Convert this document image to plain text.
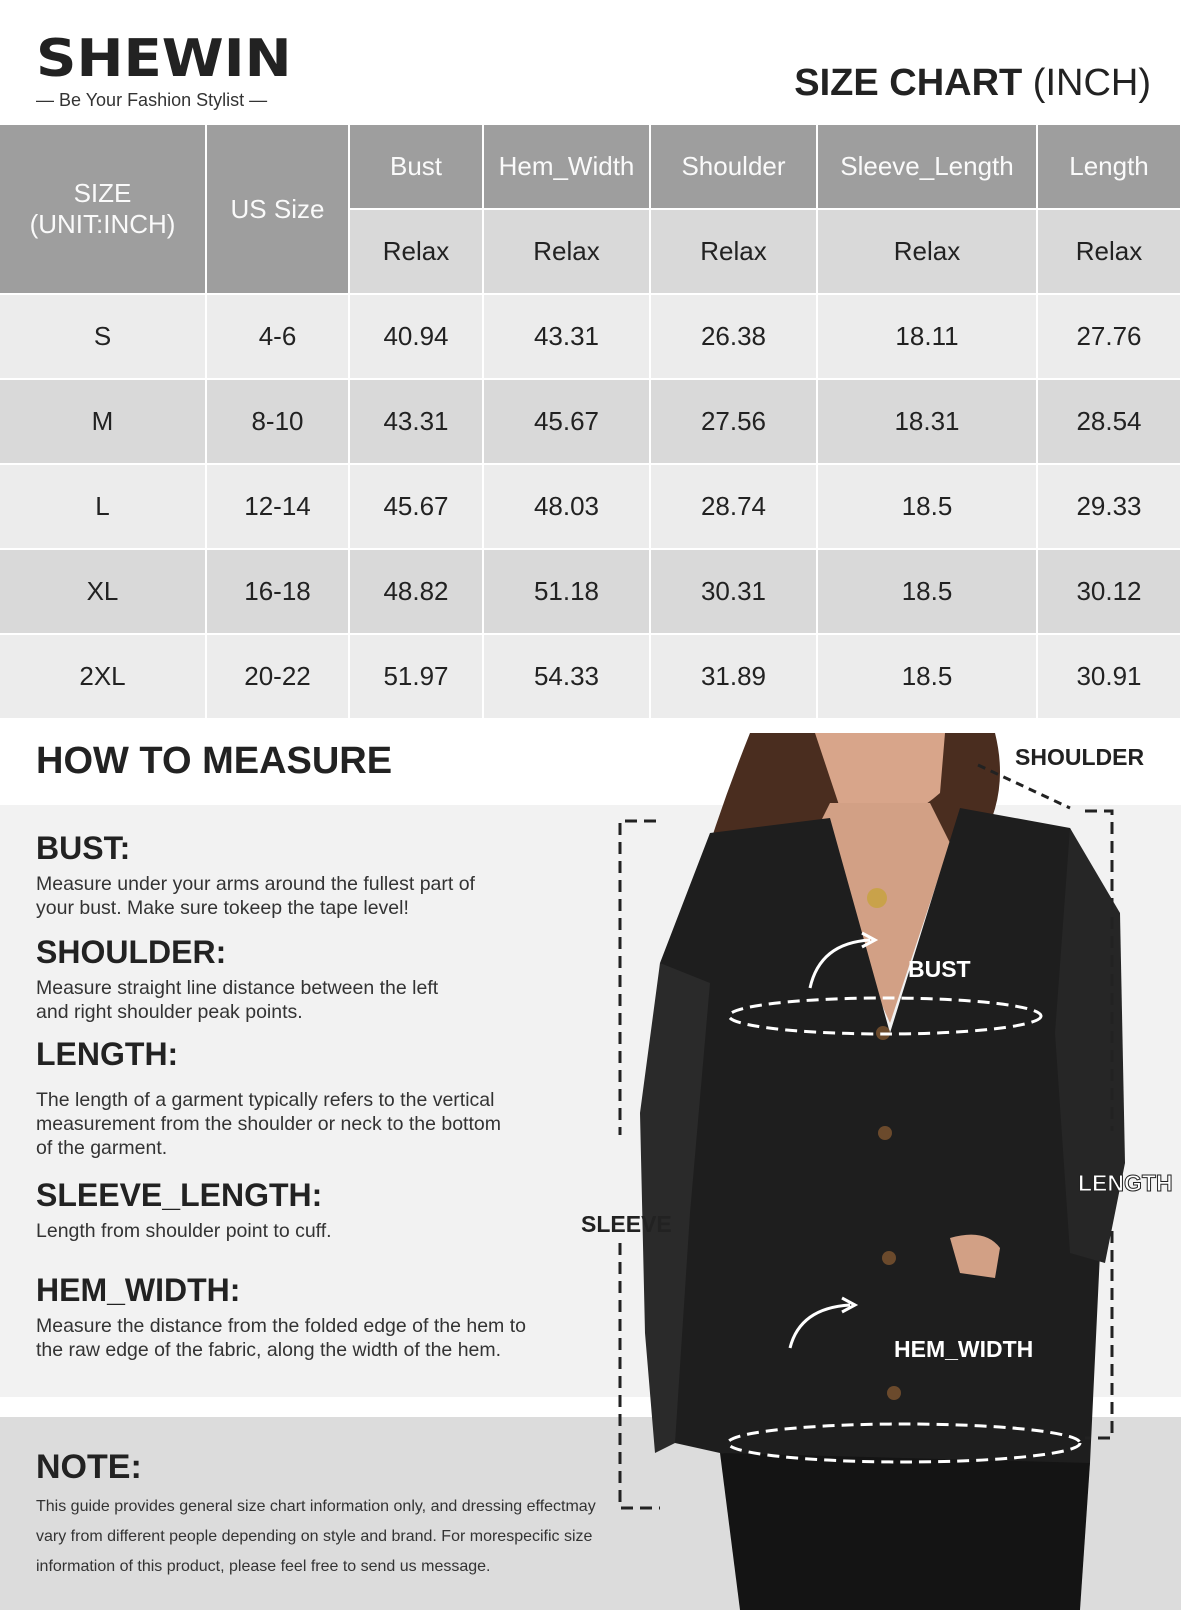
SHEWIN
— Be Your Fashion Stylist —	SIZE CHART (INCH)
SIZE
(UNIT:INCH)	US Size	Bust	Hem_Width	Shoulder	Sleeve_Length	Length
		Relax	Relax	Relax	Relax	Relax
S	4-6	40.94	43.31	26.38	18.11	27.76
M	8-10	43.31	45.67	27.56	18.31	28.54
L	12-14	45.67	48.03	28.74	18.5	29.33
XL	16-18	48.82	51.18	30.31	18.5	30.12
2XL	20-22	51.97	54.33	31.89	18.5	30.91
HOW TO MEASURE
BUST:

Measure under your arms around the fullest part of
your bust. Make sure tokeep the tape level!

SHOULDER:

Measure straight line distance between the left
and right shoulder peak points.

LENGTH:

The length of a garment typically refers to the vertical
measurement from the shoulder or neck to the bottom
of the garment.

SLEEVE_LENGTH:

Length from shoulder point to cuff.

HEM_WIDTH:

Measure the distance from the folded edge of the hem to
the raw edge of the fabric, along the width of the hem.

NOTE:
This guide provides general size chart information only, and dressing effectmay
vary from different people depending on style and brand. For morespecific size
information of this product, please feel free to send us message.
SHOULDER
BUST
LENGTH
SLEEVE
HEM_WIDTH
